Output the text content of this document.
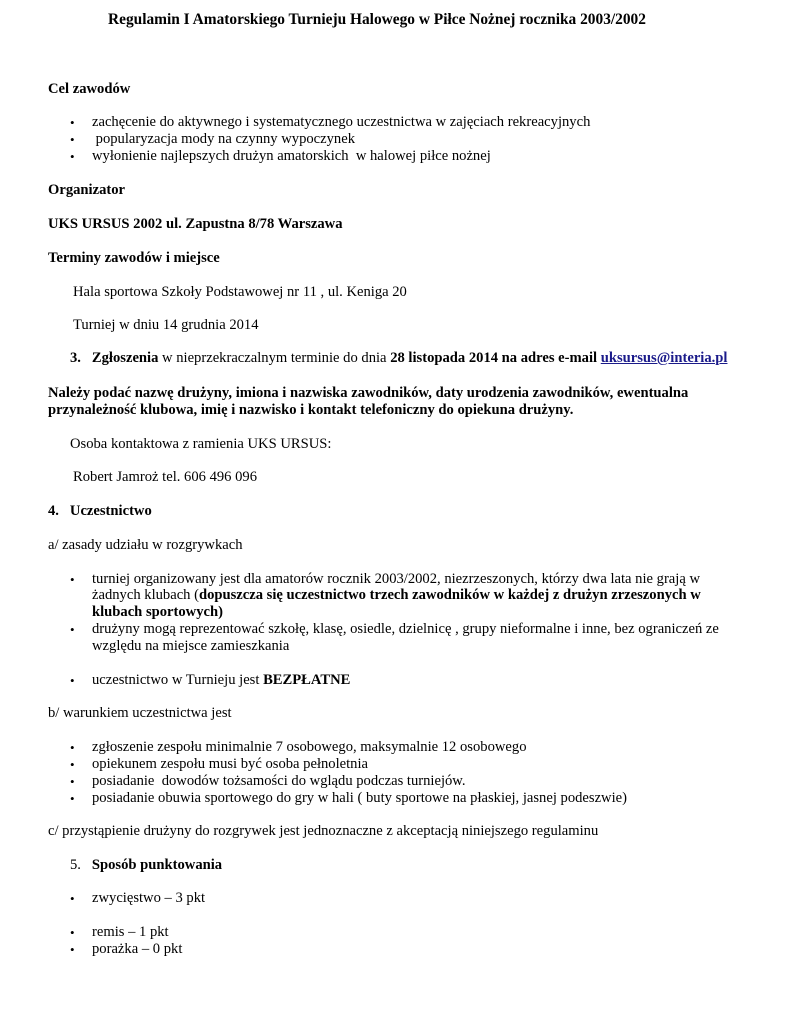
Regulamin I Amatorskiego Turnieju Halowego w Piłce Nożnej rocznika 2003/2002
Cel zawodów
• zachęcenie do aktywnego i systematycznego uczestnictwa w zajęciach rekreacyjnych
• popularyzacja mody na czynny wypoczynek
• wyłonienie najlepszych drużyn amatorskich  w halowej piłce nożnej
Organizator
UKS URSUS 2002 ul. Zapustna 8/78 Warszawa
Terminy zawodów i miejsce
Hala sportowa Szkoły Podstawowej nr 11 , ul. Keniga 20
Turniej w dniu 14 grudnia 2014
3. Zgłoszenia w nieprzekraczalnym terminie do dnia 28 listopada 2014 na adres e-mail uksursus@interia.pl
Należy podać nazwę drużyny, imiona i nazwiska zawodników, daty urodzenia zawodników, ewentualna
przynależność klubowa, imię i nazwisko i kontakt telefoniczny do opiekuna drużyny.
Osoba kontaktowa z ramienia UKS URSUS:
Robert Jamroż tel. 606 496 096
4. Uczestnictwo
a/ zasady udziału w rozgrywkach
• turniej organizowany jest dla amatorów rocznik 2003/2002, niezrzeszonych, którzy dwa lata nie grają w
żadnych klubach (dopuszcza się uczestnictwo trzech zawodników w każdej z drużyn zrzeszonych w
klubach sportowych)
• drużyny mogą reprezentować szkołę, klasę, osiedle, dzielnicę , grupy nieformalne i inne, bez ograniczeń ze
względu na miejsce zamieszkania
• uczestnictwo w Turnieju jest BEZPŁATNE
b/ warunkiem uczestnictwa jest
• zgłoszenie zespołu minimalnie 7 osobowego, maksymalnie 12 osobowego
• opiekunem zespołu musi być osoba pełnoletnia
• posiadanie  dowodów tożsamości do wglądu podczas turniejów.
• posiadanie obuwia sportowego do gry w hali ( buty sportowe na płaskiej, jasnej podeszwie)
c/ przystąpienie drużyny do rozgrywek jest jednoznaczne z akceptacją niniejszego regulaminu
5. Sposób punktowania
• zwycięstwo – 3 pkt
• remis – 1 pkt
• porażka – 0 pkt
